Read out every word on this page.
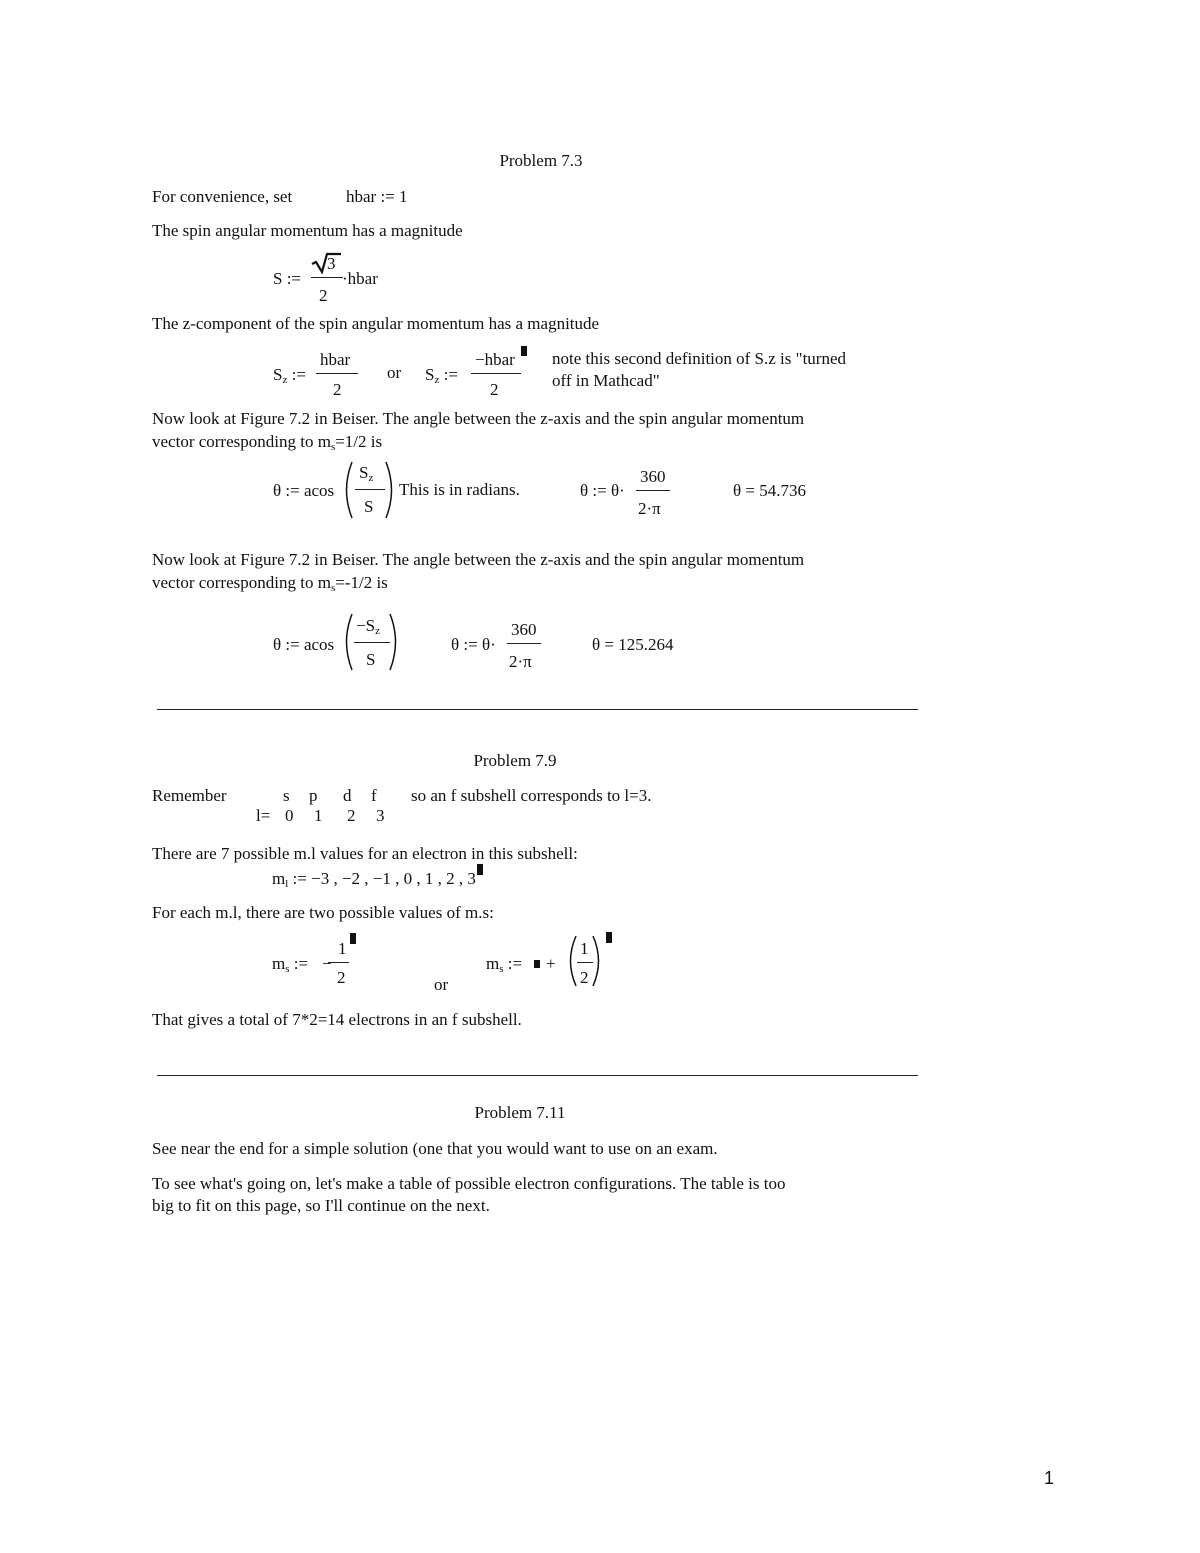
Problem 7.3
For convenience, set	hbar := 1
The spin angular momentum has a magnitude
S :=
3
2
·hbar
The z-component of the spin angular momentum has a magnitude
$S_z$ :=
hbar
2
or $S_z$ :=
−hbar
2
note this second definition of S.z is "turned
off in Mathcad"
Now look at Figure 7.2 in Beiser. The angle between the z-axis and the spin angular momentum
vector corresponding to $m_s=1/2$ is
θ := acos
$S_z$
S
This is in radians.	θ := θ·
360
2·π
θ = 54.736
Now look at Figure 7.2 in Beiser. The angle between the z-axis and the spin angular momentum
vector corresponding to $m_s=-1/2$ is
θ := acos
$-S_z$
S
θ := θ·
360
2·π
θ = 125.264
Problem 7.9
Remember	s p d f so an f subshell corresponds to l=3.
l= 0 1 2 3
There are 7 possible m.l values for an electron in this subshell:
$m_l$ := −3 , −2 , −1 , 0 , 1 , 2 , 3
For each m.l, there are two possible values of m.s:
$m_s$ :=
1
−
2	or
$m_s$ := +
1
2
That gives a total of 7*2=14 electrons in an f subshell.
Problem 7.11
See near the end for a simple solution (one that you would want to use on an exam.
To see what's going on, let's make a table of possible electron configurations. The table is too
big to fit on this page, so I'll continue on the next.
1
